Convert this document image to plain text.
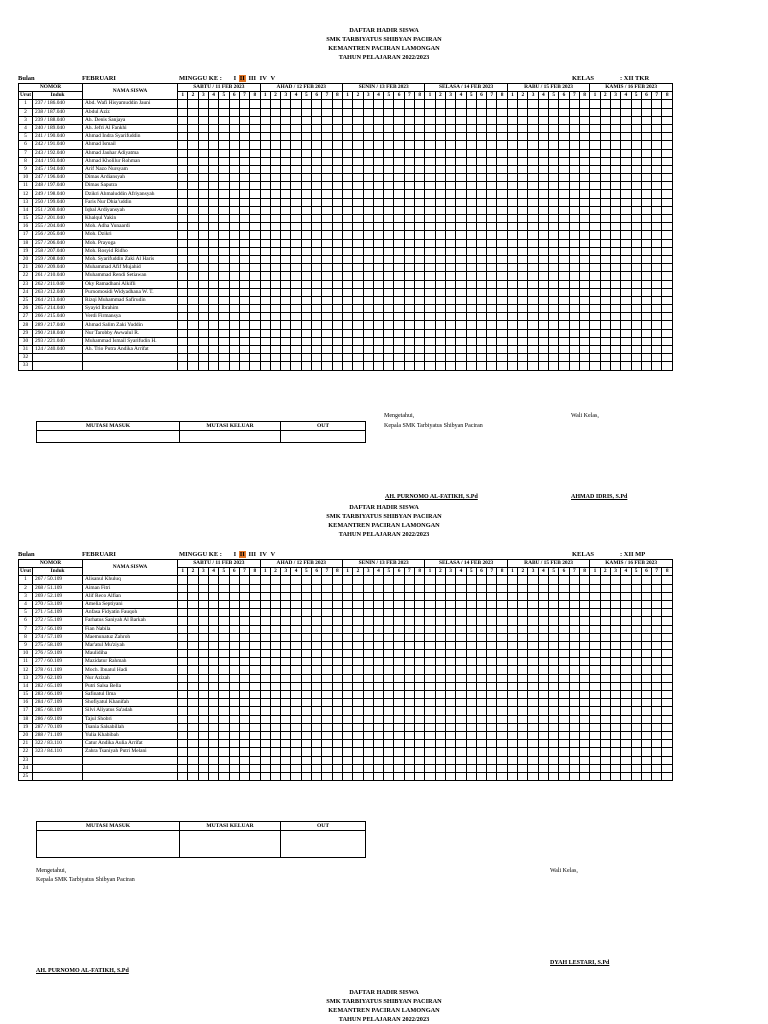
DAFTAR HADIR SISWA
SMK TARBIYATUS SHIBYAN PACIRAN
KEMANTREN PACIRAN LAMONGAN
TAHUN PELAJARAN 2022/2023
Bulan	FEBRUARI	MINGGU KE : I II III IV V	KELAS	: XII TKR
NOMOR		NAMA SISWA	SABTU / 11 FEB 2023								AHAD / 12 FEB 2023								SENIN / 13 FEB 2023								SELASA / 14 FEB 2023								RABU / 15 FEB 2023								KAMIS / 16 FEB 2023							
Urut	Induk		1	2	3	4	5	6	7	8	1	2	3	4	5	6	7	8	1	2	3	4	5	6	7	8	1	2	3	4	5	6	7	8	1	2	3	4	5	6	7	8	1	2	3	4	5	6	7	8
1	237 / 186.040	Abd. Wafi Hisyamuddin Jauni																																																
2	238 / 187.040	Abdul Aziz																																																
3	239 / 188.040	Ah. Denis Sanjaya																																																
4	240 / 189.040	Ah. Jefri Al Fankhi																																																
5	241 / 190.040	Ahmad Indra Syarifuddin																																																
6	242 / 191.040	Ahmad Ismail																																																
7	243 / 192.040	Ahmad Jauhar Adiyatma																																																
8	244 / 193.040	Ahmad Kholilur Rohman																																																
9	245 / 194.040	Arif Nazo Nursyam																																																
10	247 / 196.040	Dimas Ardiansyah																																																
11	248 / 197.040	Dimas Saputra																																																
12	249 / 198.040	Dzikri Ahmaluddin Afriyansyah																																																
13	250 / 199.040	Faris Nur Dhiaʼuddin																																																
14	251 / 200.040	Iqbal Ardiyansyah																																																
15	252 / 201.040	Khalqul Yakin																																																
16	255 / 204.040	Moh. Adha Yunaardi																																																
17	256 / 205.040	Moh. Dzikri																																																
18	257 / 206.040	Moh. Prayoga																																																
19	258 / 207.040	Moh. Rosyid Ridho																																																
20	259 / 208.040	Moh. Syarifuddin Zaki Al Haris																																																
21	260 / 209.040	Muhammad Afif Mujahid																																																
22	261 / 210.040	Muhammad Rendi Setiawan																																																
23	262 / 211.040	Oky Ramadhani Alkifli																																																
24	263 / 212.040	Purnomosidi Widyadhana W. T.																																																
25	264 / 213.040	Rizqi Muhammad Safirudin																																																
26	265 / 214.040	Syayid Ibrahim																																																
27	266 / 215.040	Verdi Firmansya																																																
28	289 / 217.040	Ahmad Salim Zaki Yuddin																																																
29	290 / 218.040	Nur Tarobby Awwalul R.																																																
30	293 / 221.040	Muhammad Ismail Syarifudin H.																																																
31	124 / 240.040	Ah. Trio Putra Andika Arrifat																																																
32																																																		
33																																																		
MUTASI MASUK	MUTASI KELUAR	OUT

Mengetahui,
Kepala SMK Tarbiyatus Shibyan Paciran
Wali Kelas,
AH. PURNOMO AL-FATIKH, S.Pd	AHMAD IDRIS, S.Pd
DAFTAR HADIR SISWA
SMK TARBIYATUS SHIBYAN PACIRAN
KEMANTREN PACIRAN LAMONGAN
TAHUN PELAJARAN 2022/2023
Bulan	FEBRUARI	MINGGU KE : I II III IV V	KELAS	: XII MP
NOMOR		NAMA SISWA	SABTU / 11 FEB 2023								AHAD / 12 FEB 2023								SENIN / 13 FEB 2023								SELASA / 14 FEB 2023								RABU / 15 FEB 2023								KAMIS / 16 FEB 2023							
Urut	Induk		1	2	3	4	5	6	7	8	1	2	3	4	5	6	7	8	1	2	3	4	5	6	7	8	1	2	3	4	5	6	7	8	1	2	3	4	5	6	7	8	1	2	3	4	5	6	7	8
1	267 / 50.109	Alisanul Khuluq																																																
2	268 / 51.109	Aiman Fitri																																																
3	269 / 52.109	Alif Reco Alfian																																																
4	270 / 53.109	Amelia Septiyani																																																
5	271 / 54.109	Anfasa Fidyatin Fauqoh																																																
6	272 / 55.109	Farhatus Saniyah Al Barkah																																																
7	273 / 56.109	Fian Nabila																																																
8	274 / 57.109	Maemunatuz Zahroh																																																
9	275 / 58.109	Mar'atul Mu'ziyah																																																
10	276 / 59.109	Maulidiha																																																
11	277 / 60.109	Mazidatur Rahmah																																																
12	278 / 61.109	Moch. Ibnatul Hadi																																																
13	279 / 62.109	Nur Azizah																																																
14	282 / 65.109	Putri Salsa Bella																																																
15	283 / 66.109	Safinatul Ilma																																																
16	284 / 67.109	Shofiyatul Khanifah																																																
17	285 / 68.109	Silvi Aliyatus Sa'adah																																																
18	286 / 69.109	Tajul Shobri																																																
19	287 / 70.109	Tsania Salsabillah																																																
20	288 / 71.109	Yulia Khabibah																																																
21	322 / 83.110	Catur Andika Aulia Arrifat																																																
22	323 / 84.110	Zahra Tsaniyah Putri Melani																																																
23																																																		
24																																																		
25																																																		
MUTASI MASUK	MUTASI KELUAR	OUT

Mengetahui,
Kepala SMK Tarbiyatus Shibyan Paciran
Wali Kelas,
DYAH LESTARI, S.Pd
AH. PURNOMO AL-FATIKH, S.Pd
DAFTAR HADIR SISWA
SMK TARBIYATUS SHIBYAN PACIRAN
KEMANTREN PACIRAN LAMONGAN
TAHUN PELAJARAN 2022/2023
